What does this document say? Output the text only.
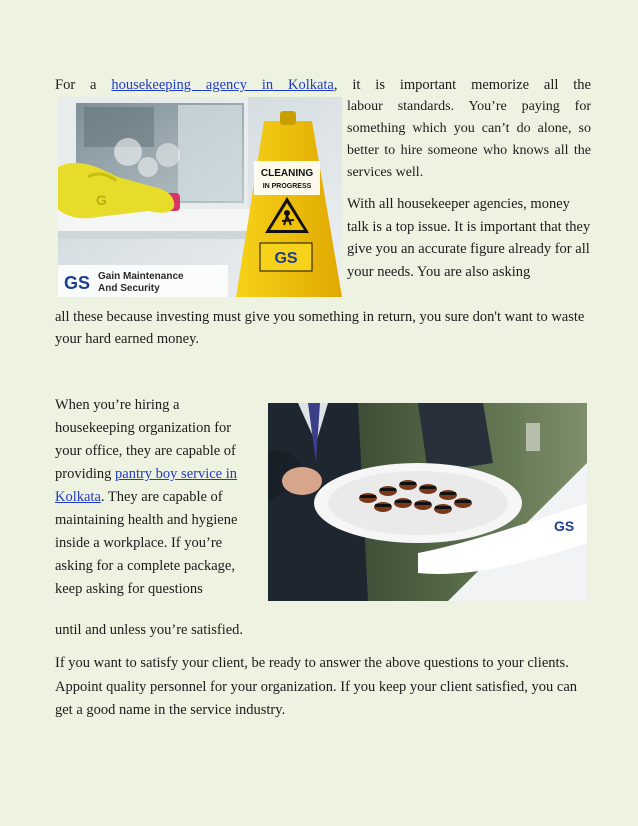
For a housekeeping agency in Kolkata, it is important memorize all the

G
CLEANING
IN PROGRESS
GS
GS Gain Maintenance
And Security

labour standards. You’re paying for something which you can’t do alone, so better to hire someone who knows all the services well.

With all housekeeper agencies, money talk is a top issue. It is important that they give you an accurate figure already for all your needs. You are also asking

all these because investing must give you something in return, you sure don't want to waste your hard earned money.

GS

When you’re hiring a housekeeping organization for your office, they are capable of providing pantry boy service in Kolkata. They are capable of maintaining health and hygiene inside a workplace. If you’re asking for a complete package, keep asking for questions

until and unless you’re satisfied.

If you want to satisfy your client, be ready to answer the above questions to your clients. Appoint quality personnel for your organization. If you keep your client satisfied, you can get a good name in the service industry.
